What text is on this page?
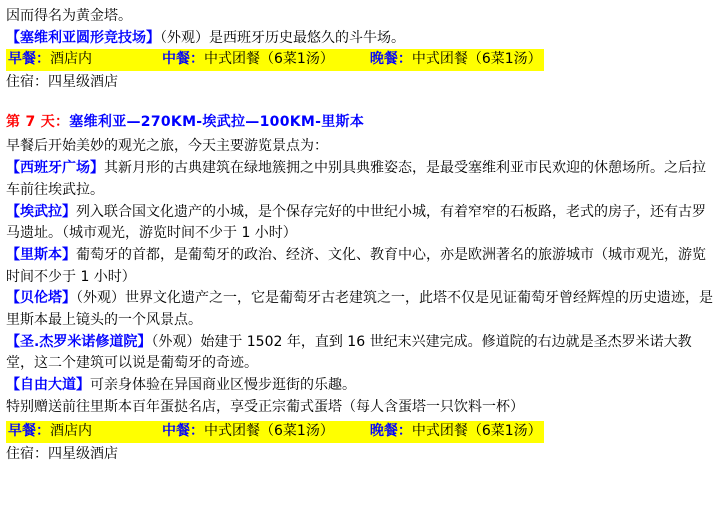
因而得名为黄金塔。

【塞维利亚圆形竞技场】（外观）是西班牙历史最悠久的斗牛场。

早餐：酒店内	中餐：中式团餐（6菜1汤）	晚餐：中式团餐（6菜1汤）

住宿：四星级酒店

第 7 天：塞维利亚—270KM-埃武拉—100KM-里斯本

早餐后开始美妙的观光之旅，今天主要游览景点为：

【西班牙广场】其新月形的古典建筑在绿地簇拥之中别具典雅姿态，是最受塞维利亚市民欢迎的休憩场所。之后拉车前往埃武拉。

【埃武拉】列入联合国文化遗产的小城，是个保存完好的中世纪小城，有着窄窄的石板路，老式的房子，还有古罗马遗址。（城市观光，游览时间不少于 1 小时）

【里斯本】葡萄牙的首都，是葡萄牙的政治、经济、文化、教育中心，亦是欧洲著名的旅游城市（城市观光，游览时间不少于 1 小时）

【贝伦塔】（外观）世界文化遗产之一，它是葡萄牙古老建筑之一，此塔不仅是见证葡萄牙曾经辉煌的历史遗迹，是里斯本最上镜头的一个风景点。

【圣.杰罗米诺修道院】（外观）始建于 1502 年，直到 16 世纪末兴建完成。修道院的右边就是圣杰罗米诺大教堂，这二个建筑可以说是葡萄牙的奇迹。

【自由大道】可亲身体验在异国商业区慢步逛街的乐趣。

特别赠送前往里斯本百年蛋挞名店，享受正宗葡式蛋塔（每人含蛋塔一只饮料一杯）

早餐：酒店内	中餐：中式团餐（6菜1汤）	晚餐：中式团餐（6菜1汤）

住宿：四星级酒店
